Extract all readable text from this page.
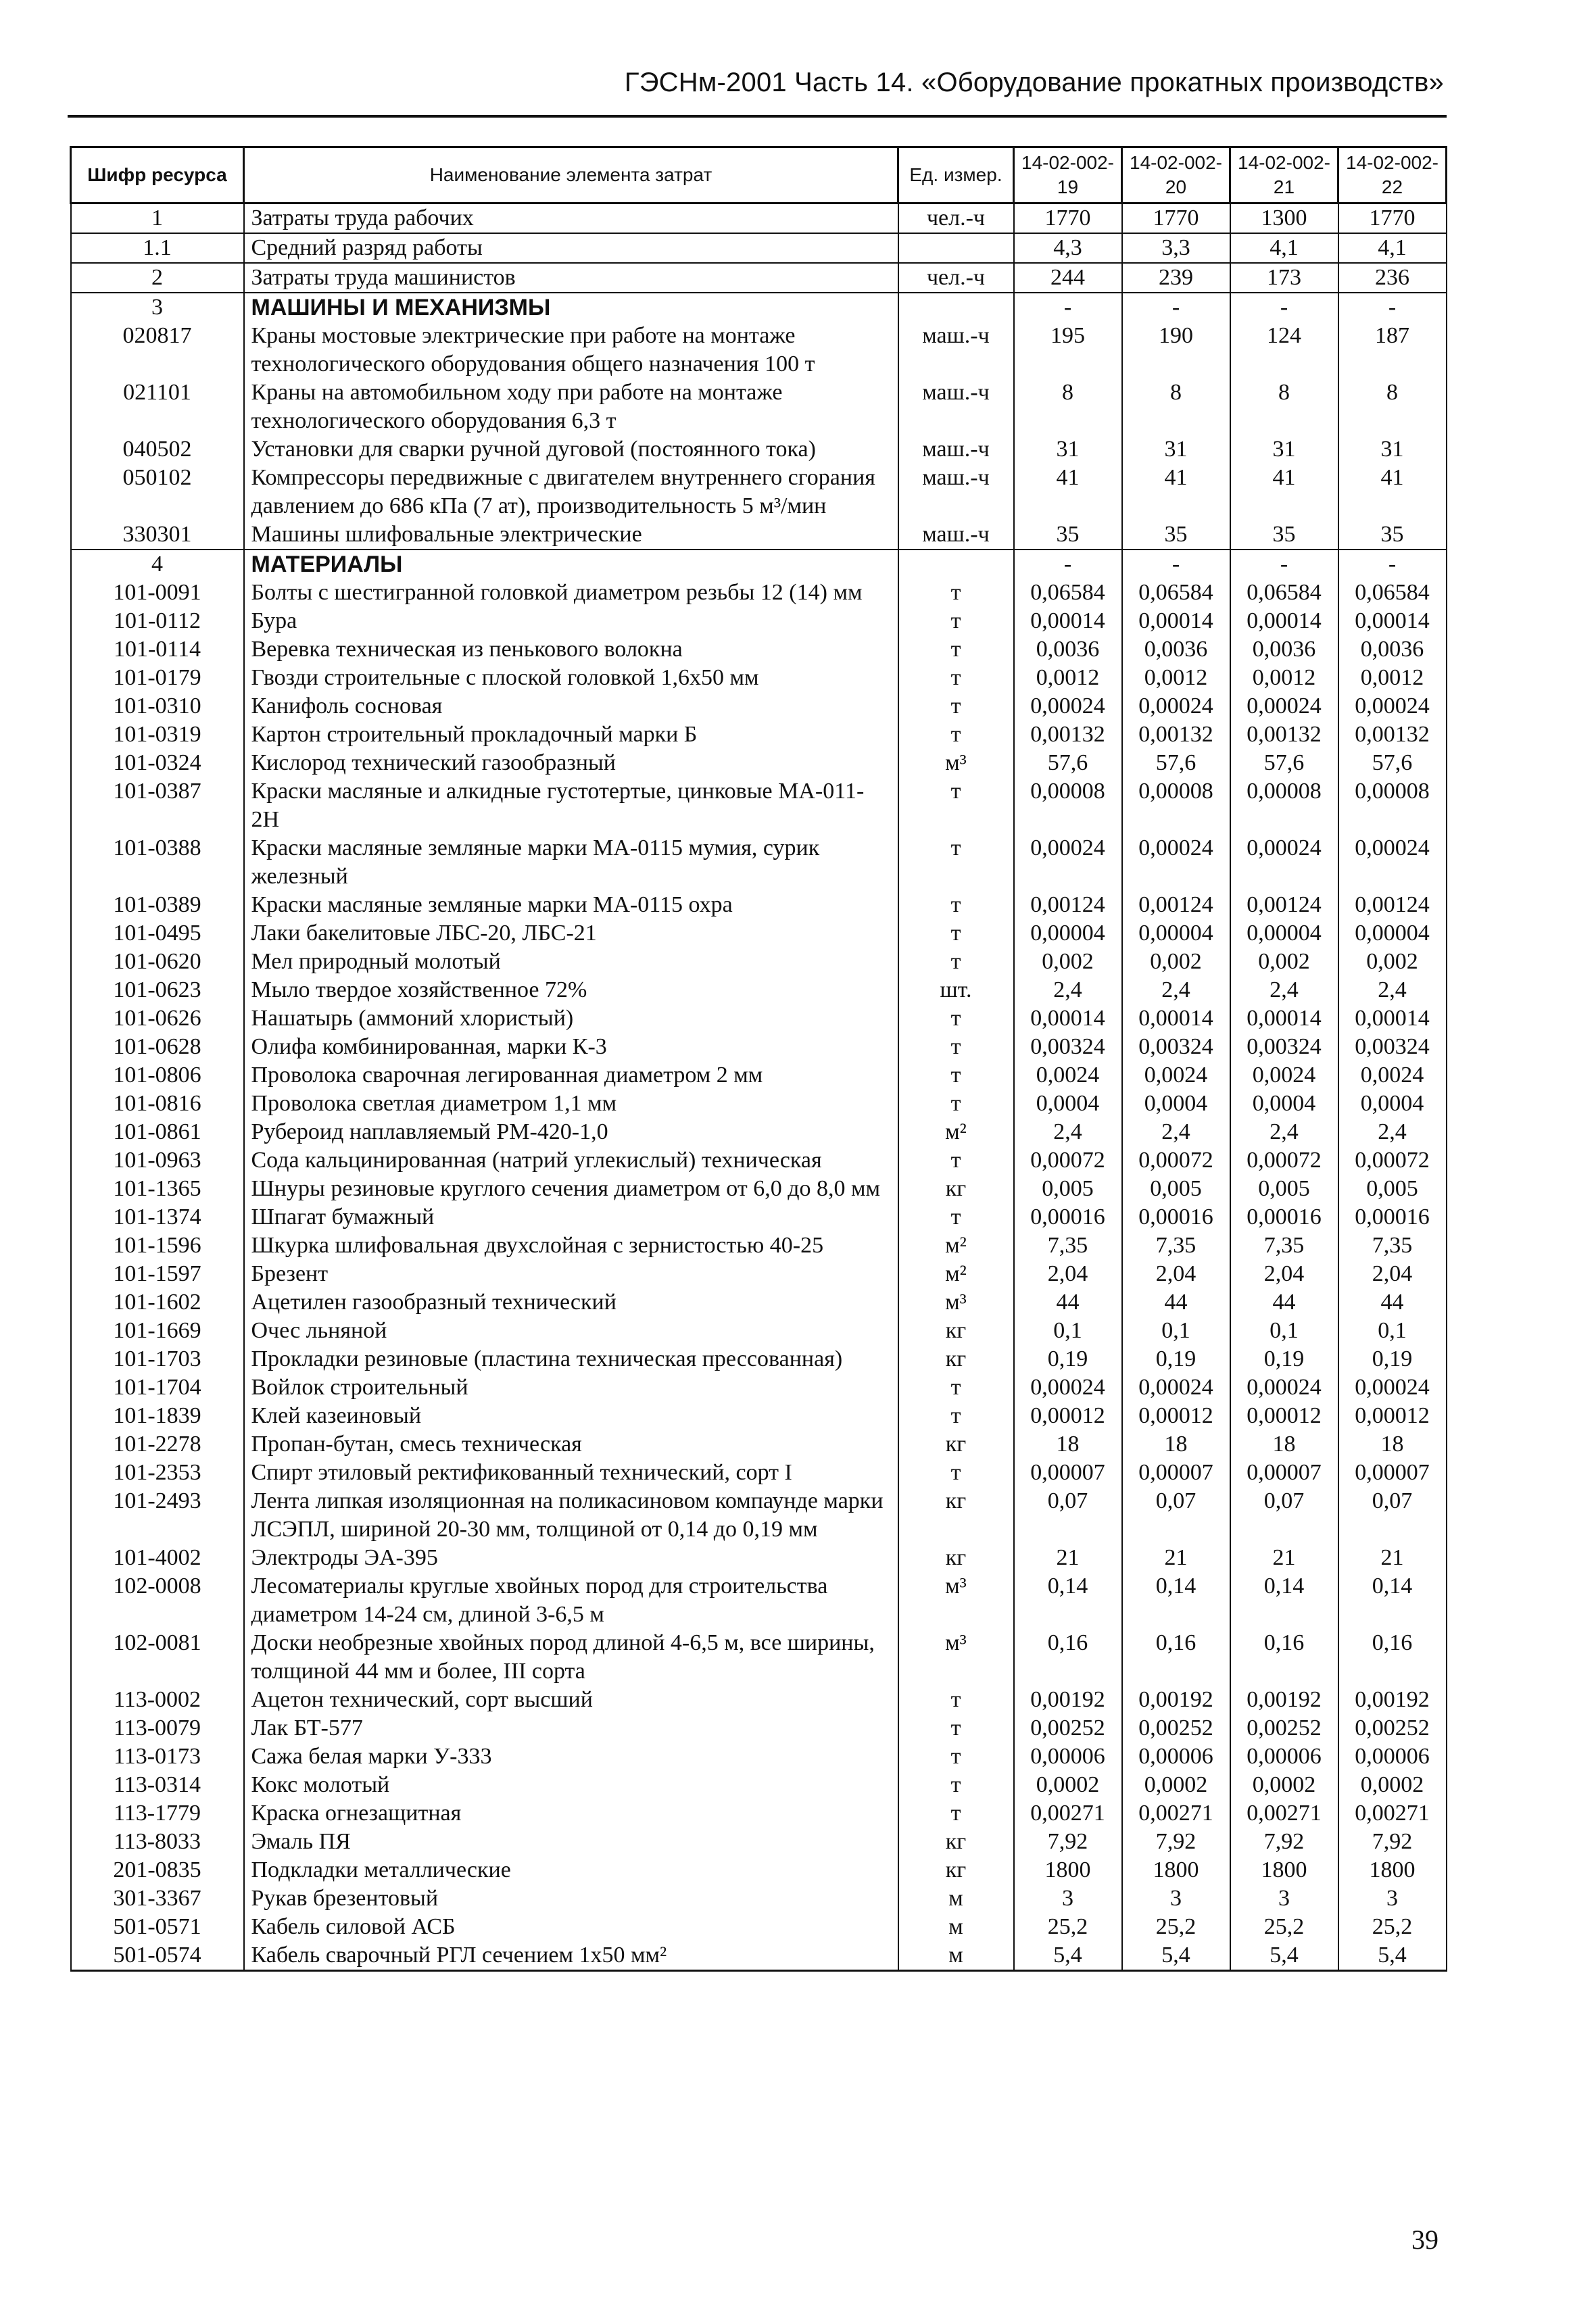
ГЭСНм-2001 Часть 14. «Оборудование прокатных производств»
Шифр ресурса	Наименование элемента затрат	Ед. измер.	14-02-002-19	14-02-002-20	14-02-002-21	14-02-002-22
1	Затраты труда рабочих	чел.-ч	1770	1770	1300	1770
1.1	Средний разряд работы		4,3	3,3	4,1	4,1
2	Затраты труда машинистов	чел.-ч	244	239	173	236
3	МАШИНЫ И МЕХАНИЗМЫ		-	-	-	-
020817	Краны мостовые электрические при работе на монтаже технологического оборудования общего назначения 100 т	маш.-ч	195	190	124	187
021101	Краны на автомобильном ходу при работе на монтаже технологического оборудования 6,3 т	маш.-ч	8	8	8	8
040502	Установки для сварки ручной дуговой (постоянного тока)	маш.-ч	31	31	31	31
050102	Компрессоры передвижные с двигателем внутреннего сгорания давлением до 686 кПа (7 ат), производительность 5 м³/мин	маш.-ч	41	41	41	41
330301	Машины шлифовальные электрические	маш.-ч	35	35	35	35
4	МАТЕРИАЛЫ		-	-	-	-
101-0091	Болты с шестигранной головкой диаметром резьбы 12 (14) мм	т	0,06584	0,06584	0,06584	0,06584
101-0112	Бура	т	0,00014	0,00014	0,00014	0,00014
101-0114	Веревка техническая из пенькового волокна	т	0,0036	0,0036	0,0036	0,0036
101-0179	Гвозди строительные с плоской головкой 1,6х50 мм	т	0,0012	0,0012	0,0012	0,0012
101-0310	Канифоль сосновая	т	0,00024	0,00024	0,00024	0,00024
101-0319	Картон строительный прокладочный марки Б	т	0,00132	0,00132	0,00132	0,00132
101-0324	Кислород технический газообразный	м³	57,6	57,6	57,6	57,6
101-0387	Краски масляные и алкидные густотертые, цинковые МА-011-2Н	т	0,00008	0,00008	0,00008	0,00008
101-0388	Краски масляные земляные марки МА-0115 мумия, сурик железный	т	0,00024	0,00024	0,00024	0,00024
101-0389	Краски масляные земляные марки МА-0115 охра	т	0,00124	0,00124	0,00124	0,00124
101-0495	Лаки бакелитовые ЛБС-20, ЛБС-21	т	0,00004	0,00004	0,00004	0,00004
101-0620	Мел природный молотый	т	0,002	0,002	0,002	0,002
101-0623	Мыло твердое хозяйственное 72%	шт.	2,4	2,4	2,4	2,4
101-0626	Нашатырь (аммоний хлористый)	т	0,00014	0,00014	0,00014	0,00014
101-0628	Олифа комбинированная, марки К-3	т	0,00324	0,00324	0,00324	0,00324
101-0806	Проволока сварочная легированная диаметром 2 мм	т	0,0024	0,0024	0,0024	0,0024
101-0816	Проволока светлая диаметром 1,1 мм	т	0,0004	0,0004	0,0004	0,0004
101-0861	Рубероид наплавляемый РМ-420-1,0	м²	2,4	2,4	2,4	2,4
101-0963	Сода кальцинированная (натрий углекислый) техническая	т	0,00072	0,00072	0,00072	0,00072
101-1365	Шнуры резиновые круглого сечения диаметром от 6,0 до 8,0 мм	кг	0,005	0,005	0,005	0,005
101-1374	Шпагат бумажный	т	0,00016	0,00016	0,00016	0,00016
101-1596	Шкурка шлифовальная двухслойная с зернистостью 40-25	м²	7,35	7,35	7,35	7,35
101-1597	Брезент	м²	2,04	2,04	2,04	2,04
101-1602	Ацетилен газообразный технический	м³	44	44	44	44
101-1669	Очес льняной	кг	0,1	0,1	0,1	0,1
101-1703	Прокладки резиновые (пластина техническая прессованная)	кг	0,19	0,19	0,19	0,19
101-1704	Войлок строительный	т	0,00024	0,00024	0,00024	0,00024
101-1839	Клей казеиновый	т	0,00012	0,00012	0,00012	0,00012
101-2278	Пропан-бутан, смесь техническая	кг	18	18	18	18
101-2353	Спирт этиловый ректификованный технический, сорт I	т	0,00007	0,00007	0,00007	0,00007
101-2493	Лента липкая изоляционная на поликасиновом компаунде марки ЛСЭПЛ, шириной 20-30 мм, толщиной от 0,14 до 0,19 мм	кг	0,07	0,07	0,07	0,07
101-4002	Электроды ЭА-395	кг	21	21	21	21
102-0008	Лесоматериалы круглые хвойных пород для строительства диаметром 14-24 см, длиной 3-6,5 м	м³	0,14	0,14	0,14	0,14
102-0081	Доски необрезные хвойных пород длиной 4-6,5 м, все ширины, толщиной 44 мм и более, III сорта	м³	0,16	0,16	0,16	0,16
113-0002	Ацетон технический, сорт высший	т	0,00192	0,00192	0,00192	0,00192
113-0079	Лак БТ-577	т	0,00252	0,00252	0,00252	0,00252
113-0173	Сажа белая марки У-333	т	0,00006	0,00006	0,00006	0,00006
113-0314	Кокс молотый	т	0,0002	0,0002	0,0002	0,0002
113-1779	Краска огнезащитная	т	0,00271	0,00271	0,00271	0,00271
113-8033	Эмаль ПЯ	кг	7,92	7,92	7,92	7,92
201-0835	Подкладки металлические	кг	1800	1800	1800	1800
301-3367	Рукав брезентовый	м	3	3	3	3
501-0571	Кабель силовой АСБ	м	25,2	25,2	25,2	25,2
501-0574	Кабель сварочный РГЛ сечением 1х50 мм²	м	5,4	5,4	5,4	5,4
39
